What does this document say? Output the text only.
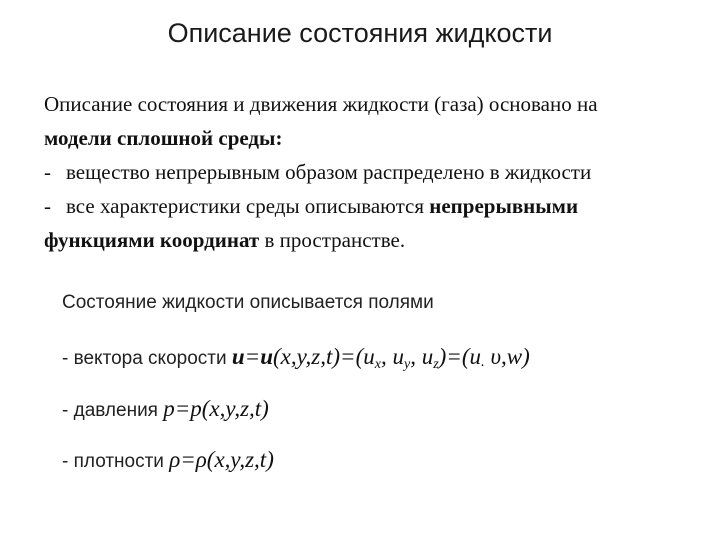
Описание состояния жидкости
Описание состояния и движения жидкости (газа) основано на
модели сплошной среды:
- вещество непрерывным образом распределено в жидкости
- все характеристики среды описываются непрерывными
функциями координат в пространстве.
Состояние жидкости описывается полями
- вектора скорости $u=u(x,y,z,t)=(u_x$, $u_y$, $u_z)=(u$. υ,w)
- давления p=p(x,y,z,t)
- плотности ρ=ρ(x,y,z,t)
